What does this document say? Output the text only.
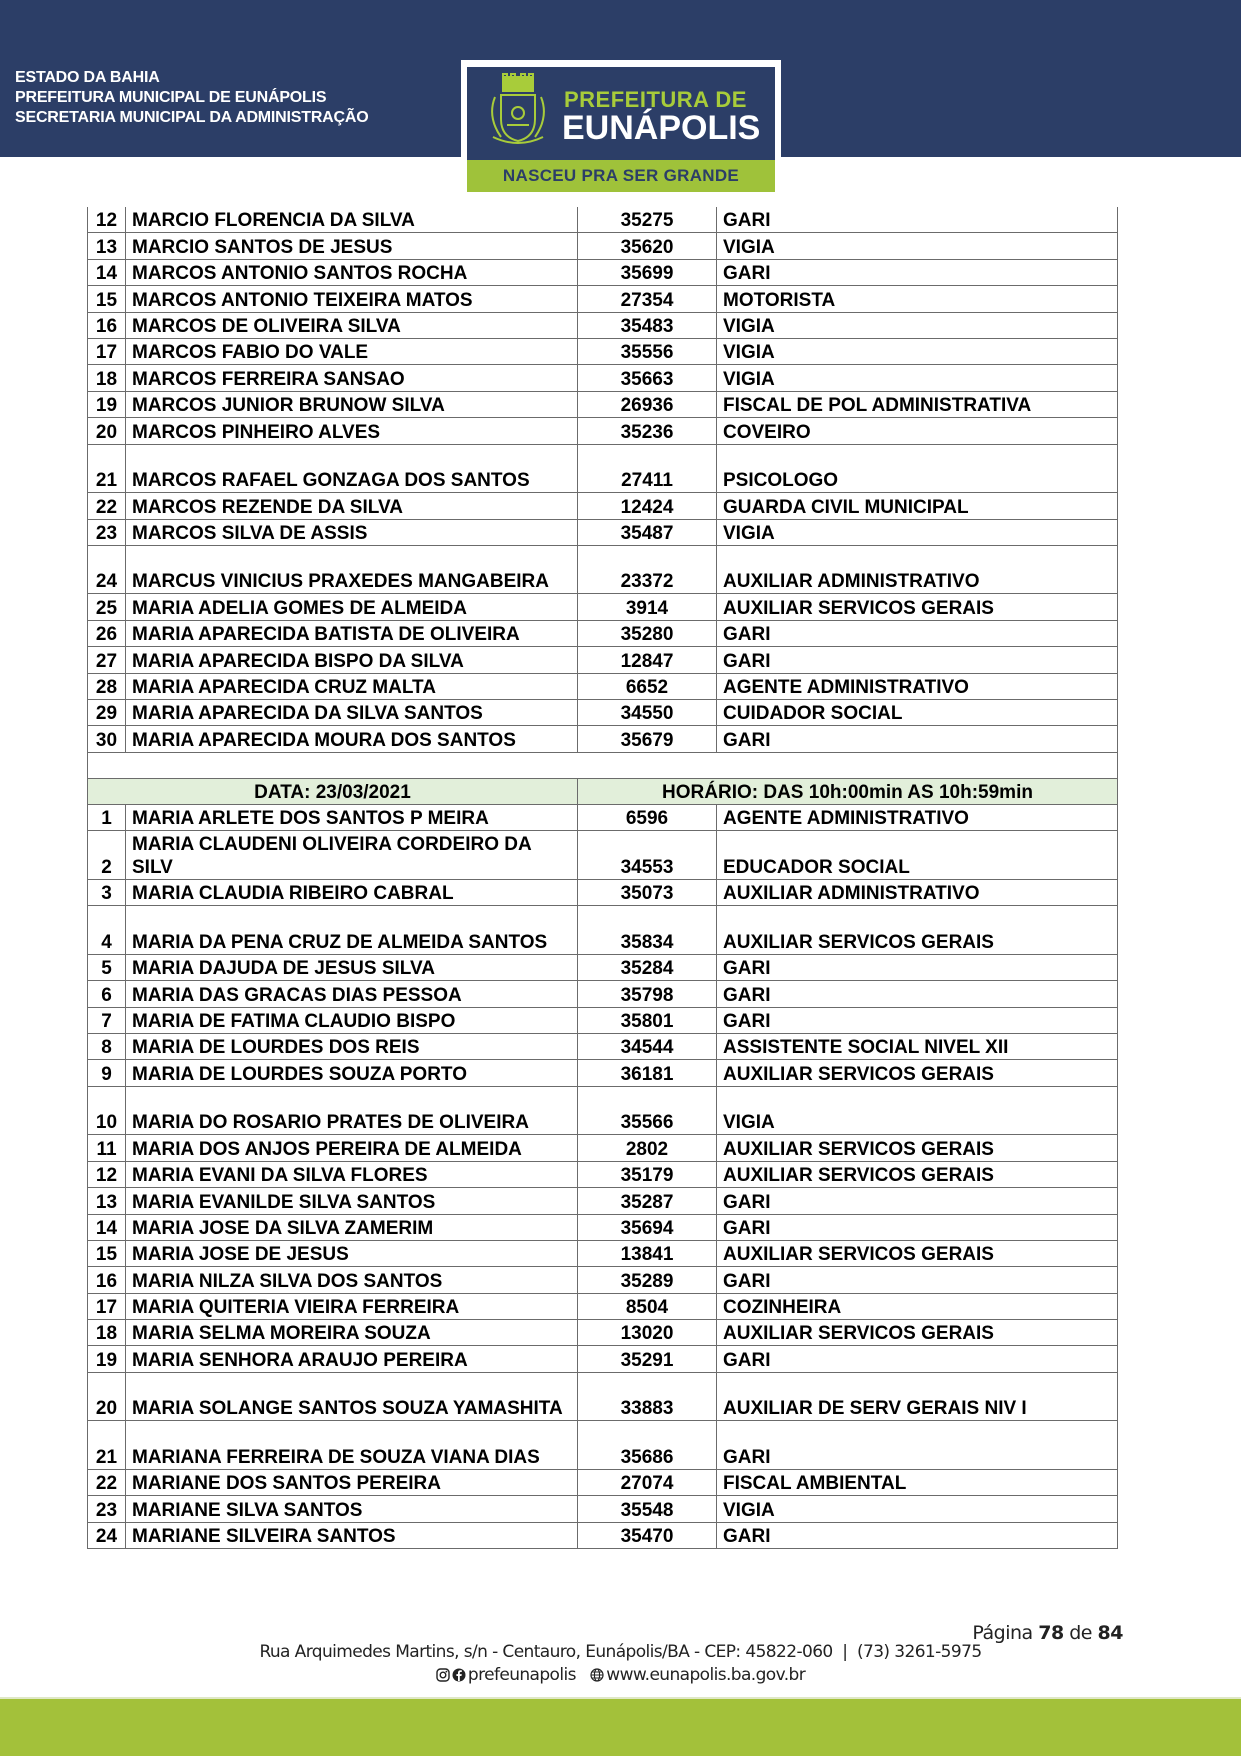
ESTADO DA BAHIA
PREFEITURA MUNICIPAL DE EUNÁPOLIS
SECRETARIA MUNICIPAL DA ADMINISTRAÇÃO
PREFEITURA DE
EUNÁPOLIS
NASCEU PRA SER GRANDE
12	MARCIO FLORENCIA DA SILVA	35275	GARI
13	MARCIO SANTOS DE JESUS	35620	VIGIA
14	MARCOS ANTONIO SANTOS ROCHA	35699	GARI
15	MARCOS ANTONIO TEIXEIRA MATOS	27354	MOTORISTA
16	MARCOS DE OLIVEIRA SILVA	35483	VIGIA
17	MARCOS FABIO DO VALE	35556	VIGIA
18	MARCOS FERREIRA SANSAO	35663	VIGIA
19	MARCOS JUNIOR BRUNOW SILVA	26936	FISCAL DE POL ADMINISTRATIVA
20	MARCOS PINHEIRO ALVES	35236	COVEIRO
21	MARCOS RAFAEL GONZAGA DOS SANTOS	27411	PSICOLOGO
22	MARCOS REZENDE DA SILVA	12424	GUARDA CIVIL MUNICIPAL
23	MARCOS SILVA DE ASSIS	35487	VIGIA
24	MARCUS VINICIUS PRAXEDES MANGABEIRA	23372	AUXILIAR ADMINISTRATIVO
25	MARIA ADELIA GOMES DE ALMEIDA	3914	AUXILIAR SERVICOS GERAIS
26	MARIA APARECIDA BATISTA DE OLIVEIRA	35280	GARI
27	MARIA APARECIDA BISPO DA SILVA	12847	GARI
28	MARIA APARECIDA CRUZ MALTA	6652	AGENTE ADMINISTRATIVO
29	MARIA APARECIDA DA SILVA SANTOS	34550	CUIDADOR SOCIAL
30	MARIA APARECIDA MOURA DOS SANTOS	35679	GARI

DATA: 23/03/2021		HORÁRIO: DAS 10h:00min AS 10h:59min	
1	MARIA ARLETE DOS SANTOS P MEIRA	6596	AGENTE ADMINISTRATIVO
2	MARIA CLAUDENI OLIVEIRA CORDEIRO DA SILV	34553	EDUCADOR SOCIAL
3	MARIA CLAUDIA RIBEIRO CABRAL	35073	AUXILIAR ADMINISTRATIVO
4	MARIA DA PENA CRUZ DE ALMEIDA SANTOS	35834	AUXILIAR SERVICOS GERAIS
5	MARIA DAJUDA DE JESUS SILVA	35284	GARI
6	MARIA DAS GRACAS DIAS PESSOA	35798	GARI
7	MARIA DE FATIMA CLAUDIO BISPO	35801	GARI
8	MARIA DE LOURDES DOS REIS	34544	ASSISTENTE SOCIAL NIVEL XII
9	MARIA DE LOURDES SOUZA PORTO	36181	AUXILIAR SERVICOS GERAIS
10	MARIA DO ROSARIO PRATES DE OLIVEIRA	35566	VIGIA
11	MARIA DOS ANJOS PEREIRA DE ALMEIDA	2802	AUXILIAR SERVICOS GERAIS
12	MARIA EVANI DA SILVA FLORES	35179	AUXILIAR SERVICOS GERAIS
13	MARIA EVANILDE SILVA SANTOS	35287	GARI
14	MARIA JOSE DA SILVA ZAMERIM	35694	GARI
15	MARIA JOSE DE JESUS	13841	AUXILIAR SERVICOS GERAIS
16	MARIA NILZA SILVA DOS SANTOS	35289	GARI
17	MARIA QUITERIA VIEIRA FERREIRA	8504	COZINHEIRA
18	MARIA SELMA MOREIRA SOUZA	13020	AUXILIAR SERVICOS GERAIS
19	MARIA SENHORA ARAUJO PEREIRA	35291	GARI
20	MARIA SOLANGE SANTOS SOUZA YAMASHITA	33883	AUXILIAR DE SERV GERAIS NIV I
21	MARIANA FERREIRA DE SOUZA VIANA DIAS	35686	GARI
22	MARIANE DOS SANTOS PEREIRA	27074	FISCAL AMBIENTAL
23	MARIANE SILVA SANTOS	35548	VIGIA
24	MARIANE SILVEIRA SANTOS	35470	GARI
Página 78 de 84
Rua Arquimedes Martins, s/n - Centauro, Eunápolis/BA - CEP: 45822-060  |  (73) 3261-5975
prefeunapolis www.eunapolis.ba.gov.br
